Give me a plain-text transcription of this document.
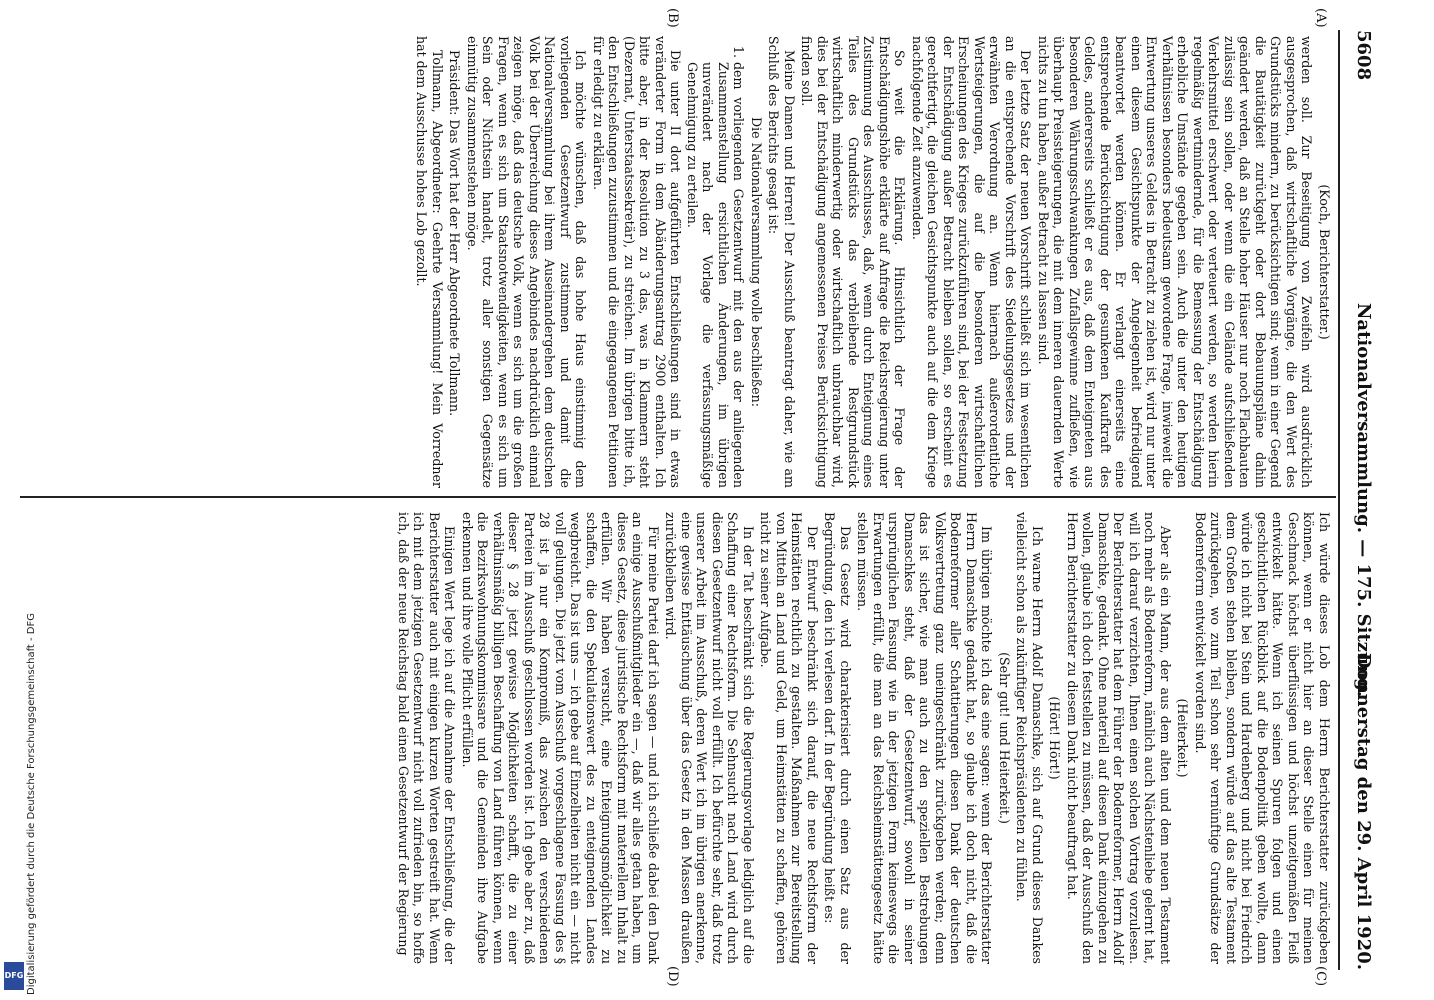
5608
Nationalversammlung. — 175. Sitzung.
Donnerstag den 29. April 1920.
(A)
(B)
(C)
(D)

(Koch, Berichterstatter.)

werden soll. Zur Beseitigung von Zweifeln wird ausdrücklich ausgesprochen, daß wirtschaftliche Vorgänge, die den Wert des Grundstücks mindern, zu berücksichtigen sind; wenn in einer Gegend die Bautätigkeit zurückgeht oder dort Bebauungspläne dahin geändert werden, daß an Stelle hoher Häuser nur noch Flachbauten zulässig sein sollen, oder wenn die ein Gelände aufschließenden Verkehrsmittel erschwert oder verteuert werden, so werden hierin regelmäßig wertmindernde, für die Bemessung der Entschädigung erhebliche Umstände gegeben sein. Auch die unter den heutigen Verhältnissen besonders bedeutsam gewordene Frage, inwieweit die Entwertung unseres Geldes in Betracht zu ziehen ist, wird nur unter einen diesem Gesichtspunkte der Angelegenheit befriedigend beantwortet werden können. Er verlangt einerseits eine entsprechende Berücksichtigung der gesunkenen Kaufkraft des Geldes, andererseits schließt er es aus, daß dem Enteigneten aus besonderen Währungsschwankungen Zufallsgewinne zufließen, wie überhaupt Preissteigerungen, die mit dem inneren dauernden Werte nichts zu tun haben, außer Betracht zu lassen sind.

Der letzte Satz der neuen Vorschrift schließt sich im wesentlichen an die entsprechende Vorschrift des Siedelungsgesetzes und der erwähnten Verordnung an. Wenn hiernach außerordentliche Wertsteigerungen, die auf die besonderen wirtschaftlichen Erscheinungen des Krieges zurückzuführen sind, bei der Festsetzung der Entschädigung außer Betracht bleiben sollen, so erscheint es gerechtfertigt, die gleichen Gesichtspunkte auch auf die dem Kriege nachfolgende Zeit anzuwenden.

So weit die Erklärung. Hinsichtlich der Frage der Entschädigungshöhe erklärte auf Anfrage die Reichsregierung unter Zustimmung des Ausschusses, daß, wenn durch Enteignung eines Teiles des Grundstücks das verbleibende Restgrundstück wirtschaftlich minderwertig oder wirtschaftlich unbrauchbar wird, dies bei der Entschädigung angemessenen Preises Berücksichtigung finden soll.

Meine Damen und Herren! Der Ausschuß beantragt daher, wie am Schluß des Berichts gesagt ist:

Die Nationalversammlung wolle beschließen:

1. dem vorliegenden Gesetzentwurf mit den aus der anliegenden Zusammenstellung ersichtlichen Änderungen, im übrigen unverändert nach der Vorlage die verfassungsmäßige Genehmigung zu erteilen.

Die unter II dort aufgeführten Entschließungen sind in etwas veränderter Form in dem Abänderungsantrag 2900 enthalten. Ich bitte aber, in der Resolution zu 3 das, was in Klammern steht (Dezernat, Unterstaatssekretär), zu streichen. Im übrigen bitte ich, den Entschließungen zuzustimmen und die eingegangenen Petitionen für erledigt zu erklären.

Ich möchte wünschen, daß das hohe Haus einstimmig dem vorliegenden Gesetzentwurf zustimmen und damit die Nationalversammlung bei ihrem Auseinandergehen dem deutschen Volk bei der Überreichung dieses Angebindes nachdrücklich einmal zeigen möge, daß das deutsche Volk, wenn es sich um die großen Fragen, wenn es sich um Staatsnotwendigkeiten, wenn es sich um Sein oder Nichtsein handelt, trotz aller sonstigen Gegensätze einmütig zusammenstehen möge.

Präsident: Das Wort hat der Herr Abgeordnete Tollmann.

Tollmann, Abgeordneter: Geehrte Versammlung! Mein Vorredner hat dem Ausschusse hohes Lob gezollt.

Ich würde dieses Lob dem Herrn Berichterstatter zurückgeben können, wenn er nicht hier an dieser Stelle einen für meinen Geschmack höchst überflüssigen und höchst unzeitgemäßen Fleiß entwickelt hätte. Wenn ich seinen Spuren folgen und einen geschichtlichen Rückblick auf die Bodenpolitik geben wollte, dann würde ich nicht bei Stein und Hardenberg und nicht bei Friedrich dem Großen stehen bleiben, sondern würde auf das alte Testament zurückgehen, wo zum Teil schon sehr vernünftige Grundsätze der Bodenreform entwickelt worden sind.

(Heiterkeit.)

Aber als ein Mann, der aus dem alten und dem neuen Testament noch mehr als Bodenreform, nämlich auch Nächstenliebe gelernt hat, will ich darauf verzichten, Ihnen einen solchen Vortrag vorzulesen. Der Berichterstatter hat dem Führer der Bodenreformer, Herrn Adolf Damaschke, gedankt. Ohne materiell auf diesen Dank einzugehen zu wollen, glaube ich doch feststellen zu müssen, daß der Ausschuß den Herrn Berichterstatter zu diesem Dank nicht beauftragt hat.

(Hört! Hört!)

Ich warne Herrn Adolf Damaschke, sich auf Grund dieses Dankes vielleicht schon als zukünftiger Reichspräsidenten zu fühlen.

(Sehr gut! und Heiterkeit.)

Im übrigen möchte ich das eine sagen: wenn der Berichterstatter Herrn Damaschke gedankt hat, so glaube ich doch nicht, daß die Bodenreformer aller Schattierungen diesen Dank der deutschen Volksvertretung ganz uneingeschränkt zurückgeben werden; denn das ist sicher, wie man auch zu den speziellen Bestrebungen Damaschkes steht, daß der Gesetzentwurf, sowohl in seiner ursprünglichen Fassung wie in der jetzigen Form keineswegs die Erwartungen erfüllt, die man an das Reichsheimstättengesetz hätte stellen müssen.

Das Gesetz wird charakterisiert durch einen Satz aus der Begründung, den ich verlesen darf. In der Begründung heißt es:

Der Entwurf beschränkt sich darauf, die neue Rechtsform der Heimstätten rechtlich zu gestalten. Maßnahmen zur Bereitstellung von Mitteln an Land und Geld, um Heimstätten zu schaffen, gehören nicht zu seiner Aufgabe.

In der Tat beschränkt sich die Regierungsvorlage lediglich auf die Schaffung einer Rechtsform. Die Sehnsucht nach Land wird durch diesen Gesetzentwurf nicht voll erfüllt. Ich befürchte sehr, daß trotz unserer Arbeit im Ausschuß, deren Wert ich im übrigen anerkenne, eine gewisse Enttäuschung über das Gesetz in den Massen draußen zurückbleiben wird.

Für meine Partei darf ich sagen — und ich schließe dabei den Dank an einige Ausschußmitglieder ein —, daß wir alles getan haben, um dieses Gesetz, diese juristische Rechtsform mit materiellem Inhalt zu erfüllen. Wir haben versucht, eine Enteignungsmöglichkeit zu schaffen, die den Spekulationswert des zu enteignenden Landes wegbreicht. Das ist uns — ich gebe auf Einzelheiten nicht ein — nicht voll gelungen. Die jetzt vom Ausschuß vorgeschlagene Fassung des § 28 ist ja nur ein Kompromiß, das zwischen den verschiedenen Parteien im Ausschuß geschlossen worden ist. Ich gebe aber zu, daß dieser § 28 jetzt gewisse Möglichkeiten schafft, die zu einer verhältnismäßig billigen Beschaffung von Land führen können, wenn die Bezirkswohnungskommissare und die Gemeinden ihre Aufgabe erkennen und ihre volle Pflicht erfüllen.

Einigen Wert lege ich auf die Annahme der Entschließung, die der Berichterstatter auch mit einigen kurzen Worten gestreift hat. Wenn ich mit dem jetzigen Gesetzentwurf nicht voll zufrieden bin, so hoffe ich, daß der neue Reichstag bald einen Gesetzentwurf der Regierung

Digitalisierung gefördert durch die Deutsche Forschungsgemeinschaft - DFG
DFG
